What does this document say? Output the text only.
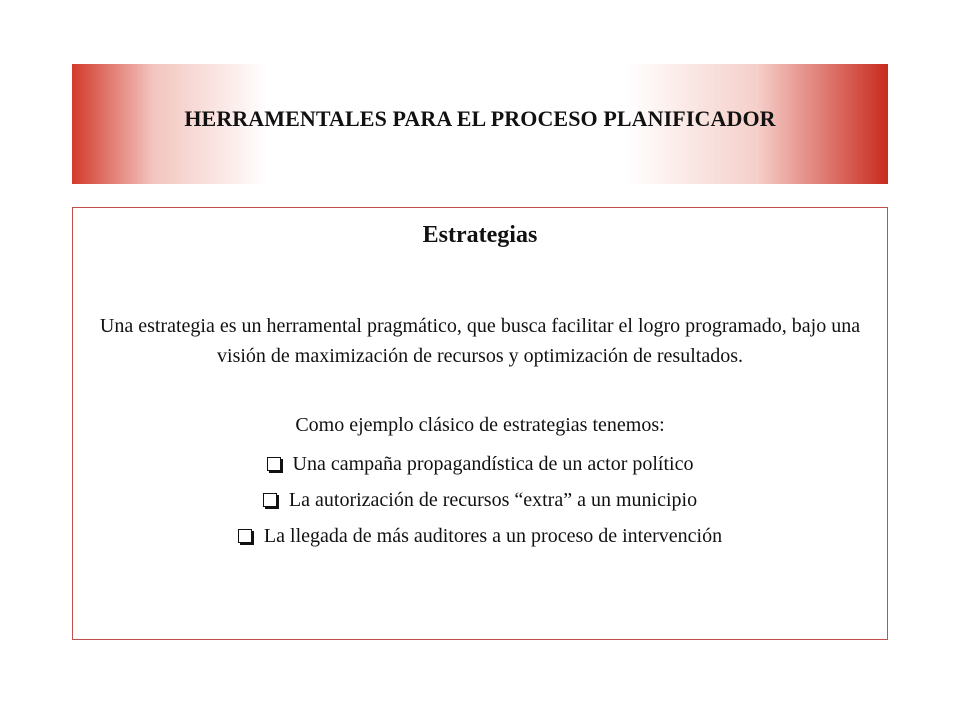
HERRAMENTALES PARA EL PROCESO PLANIFICADOR
Estrategias
Una estrategia es un herramental pragmático, que busca facilitar el logro programado, bajo una visión de maximización de recursos y optimización de resultados.
Como ejemplo clásico de estrategias tenemos:
Una campaña propagandística de un actor político
La autorización de recursos “extra” a un municipio
La llegada de más auditores a un proceso de intervención
